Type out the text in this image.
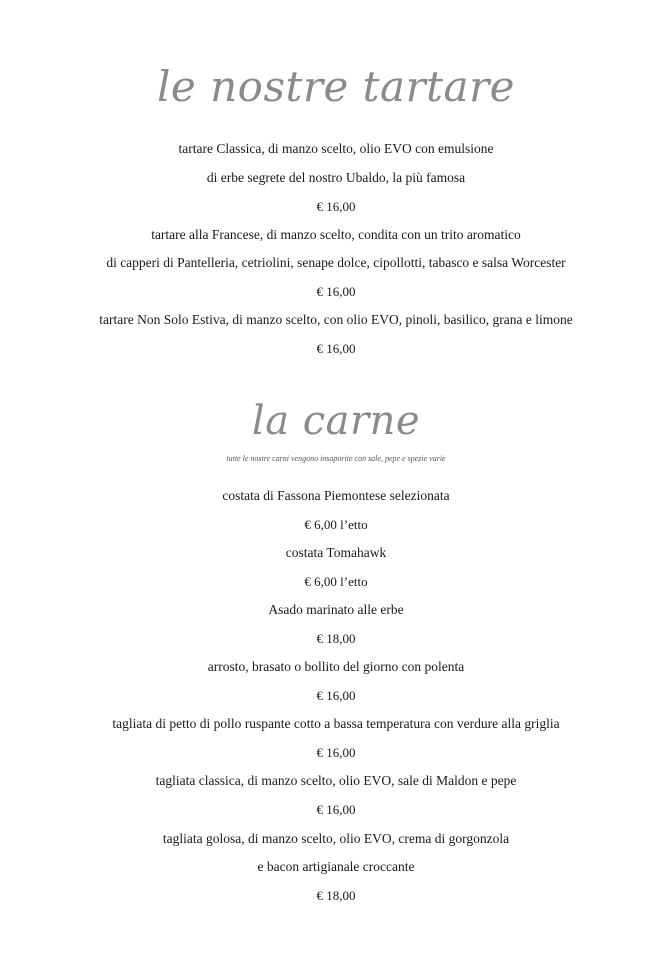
le nostre tartare
tartare Classica, di manzo scelto, olio EVO con emulsione
di erbe segrete del nostro Ubaldo, la più famosa
€ 16,00
tartare alla Francese, di manzo scelto, condita con un trito aromatico
di capperi di Pantelleria, cetriolini, senape dolce, cipollotti, tabasco e salsa Worcester
€ 16,00
tartare Non Solo Estiva, di manzo scelto, con olio EVO, pinoli, basilico, grana e limone
€ 16,00
la carne
tutte le nostre carni vengono insaporite con sale, pepe e spezie varie
costata di Fassona Piemontese selezionata
€ 6,00 l’etto
costata Tomahawk
€ 6,00 l’etto
Asado marinato alle erbe
€ 18,00
arrosto, brasato o bollito del giorno con polenta
€ 16,00
tagliata di petto di pollo ruspante cotto a bassa temperatura con verdure alla griglia
€ 16,00
tagliata classica, di manzo scelto, olio EVO, sale di Maldon e pepe
€ 16,00
tagliata golosa, di manzo scelto, olio EVO, crema di gorgonzola
e bacon artigianale croccante
€ 18,00
